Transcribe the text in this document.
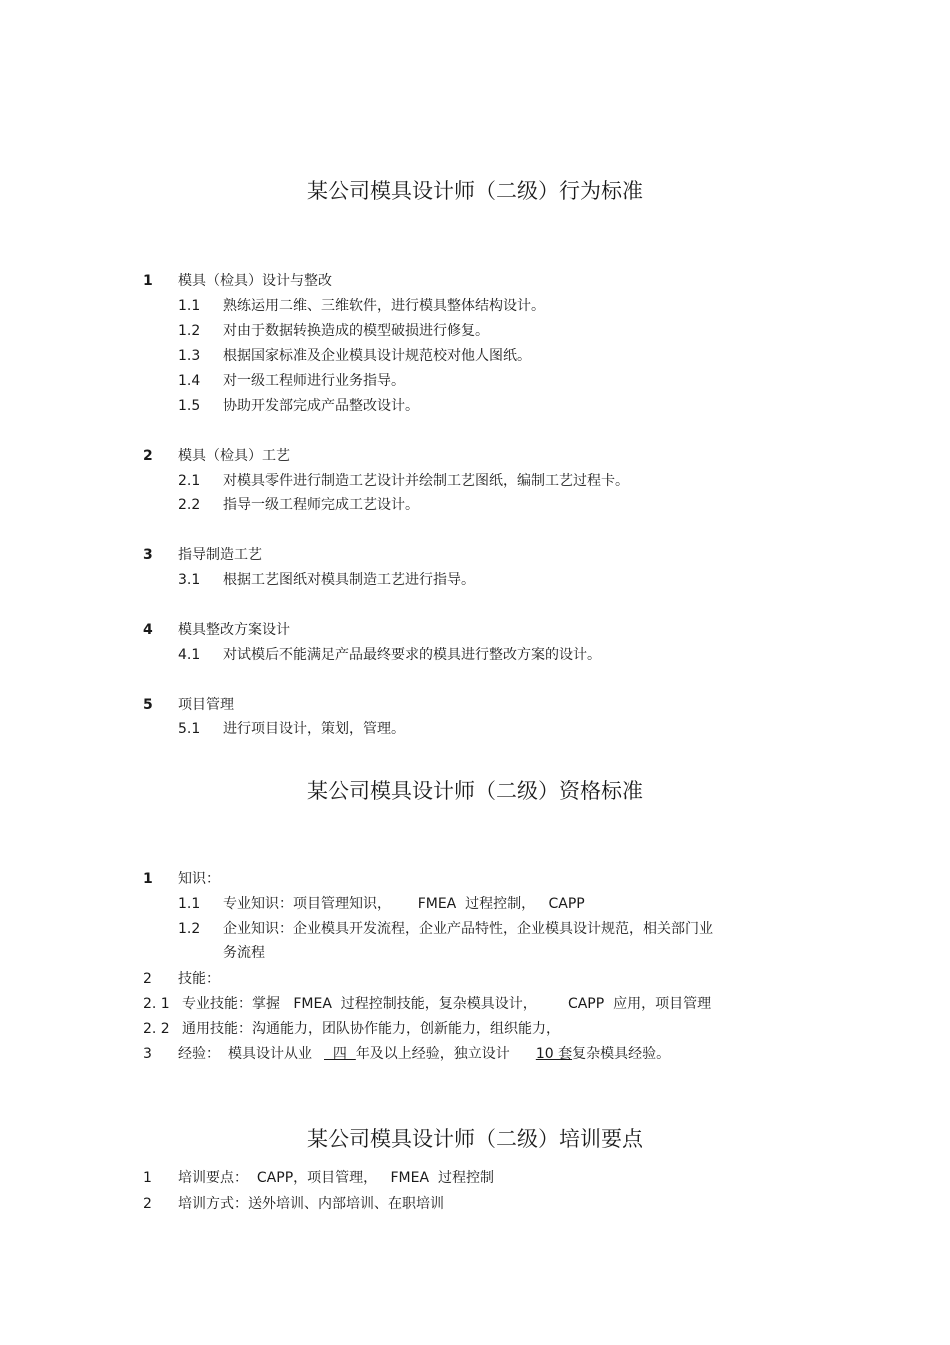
某公司模具设计师（二级）行为标准
1 模具（检具）设计与整改
1.1 熟练运用二维、三维软件，进行模具整体结构设计。
1.2 对由于数据转换造成的模型破损进行修复。
1.3 根据国家标准及企业模具设计规范校对他人图纸。
1.4 对一级工程师进行业务指导。
1.5 协助开发部完成产品整改设计。
2 模具（检具）工艺
2.1 对模具零件进行制造工艺设计并绘制工艺图纸，编制工艺过程卡。
2.2 指导一级工程师完成工艺设计。
3 指导制造工艺
3.1 根据工艺图纸对模具制造工艺进行指导。
4 模具整改方案设计
4.1 对试模后不能满足产品最终要求的模具进行整改方案的设计。
5 项目管理
5.1 进行项目设计，策划，管理。
某公司模具设计师（二级）资格标准
1 知识：
1.1 专业知识：项目管理知识，      FMEA  过程控制，   CAPP
1.2 企业知识：企业模具开发流程，企业产品特性，企业模具设计规范，相关部门业
务流程
2 技能：
2. 1 专业技能：掌握   FMEA  过程控制技能，复杂模具设计，       CAPP  应用，项目管理
2. 2 通用技能：沟通能力，团队协作能力，创新能力，组织能力，
3 经验： 模具设计从业  四  年及以上经验，独立设计 10 套复杂模具经验。
某公司模具设计师（二级）培训要点
1 培训要点：  CAPP，项目管理，   FMEA  过程控制
2 培训方式：送外培训、内部培训、在职培训
